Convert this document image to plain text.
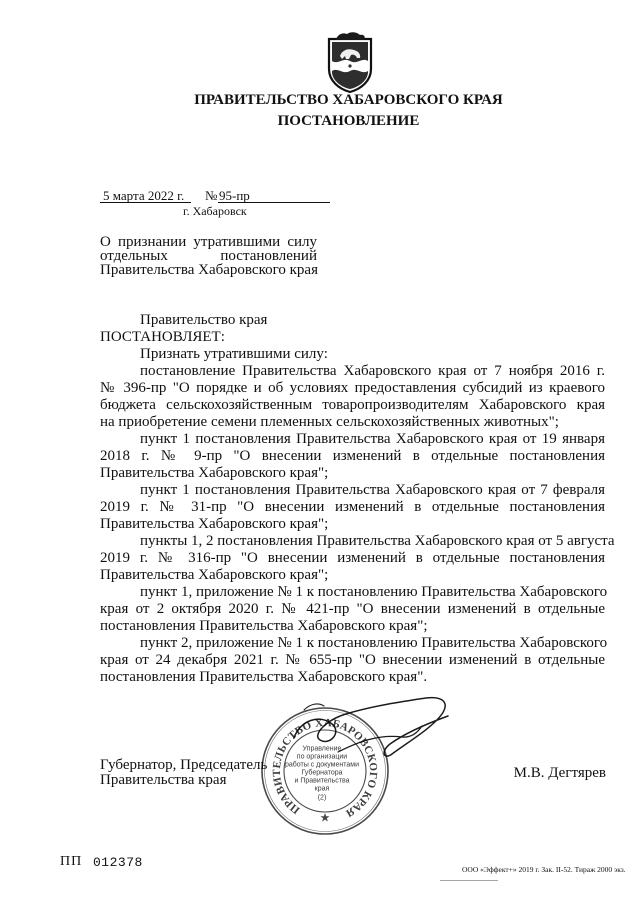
ПРАВИТЕЛЬСТВО ХАБАРОВСКОГО КРАЯ
ПОСТАНОВЛЕНИЕ
5 марта 2022 г.	№ 95-пр
г. Хабаровск
О признании утратившими силу
отдельных постановлений
Правительства Хабаровского края
Правительство края
ПОСТАНОВЛЯЕТ:
Признать утратившими силу:
постановление Правительства Хабаровского края от 7 ноября 2016 г.
№ 396-пр "О порядке и об условиях предоставления субсидий из краевого
бюджета сельскохозяйственным товаропроизводителям Хабаровского края
на приобретение семени племенных сельскохозяйственных животных";
пункт 1 постановления Правительства Хабаровского края от 19 января
2018 г. № 9-пр "О внесении изменений в отдельные постановления
Правительства Хабаровского края";
пункт 1 постановления Правительства Хабаровского края от 7 февраля
2019 г. № 31-пр "О внесении изменений в отдельные постановления
Правительства Хабаровского края";
пункты 1, 2 постановления Правительства Хабаровского края от 5 августа
2019 г. № 316-пр "О внесении изменений в отдельные постановления
Правительства Хабаровского края";
пункт 1, приложение № 1 к постановлению Правительства Хабаровского
края от 2 октября 2020 г. № 421-пр "О внесении изменений в отдельные
постановления Правительства Хабаровского края";
пункт 2, приложение № 1 к постановлению Правительства Хабаровского
края от 24 декабря 2021 г. № 655-пр "О внесении изменений в отдельные
постановления Правительства Хабаровского края".
Губернатор, Председатель
Правительства края	М.В. Дегтярев
ПРАВИТЕЛЬСТВО ХАБАРОВСКОГО КРАЯ
Управление
по организации
работы с документами
Губернатора
и Правительства
края
(2)
ПП 012378	ООО «Эффект+» 2019 г. Зак. II-52. Тираж 2000 экз.
